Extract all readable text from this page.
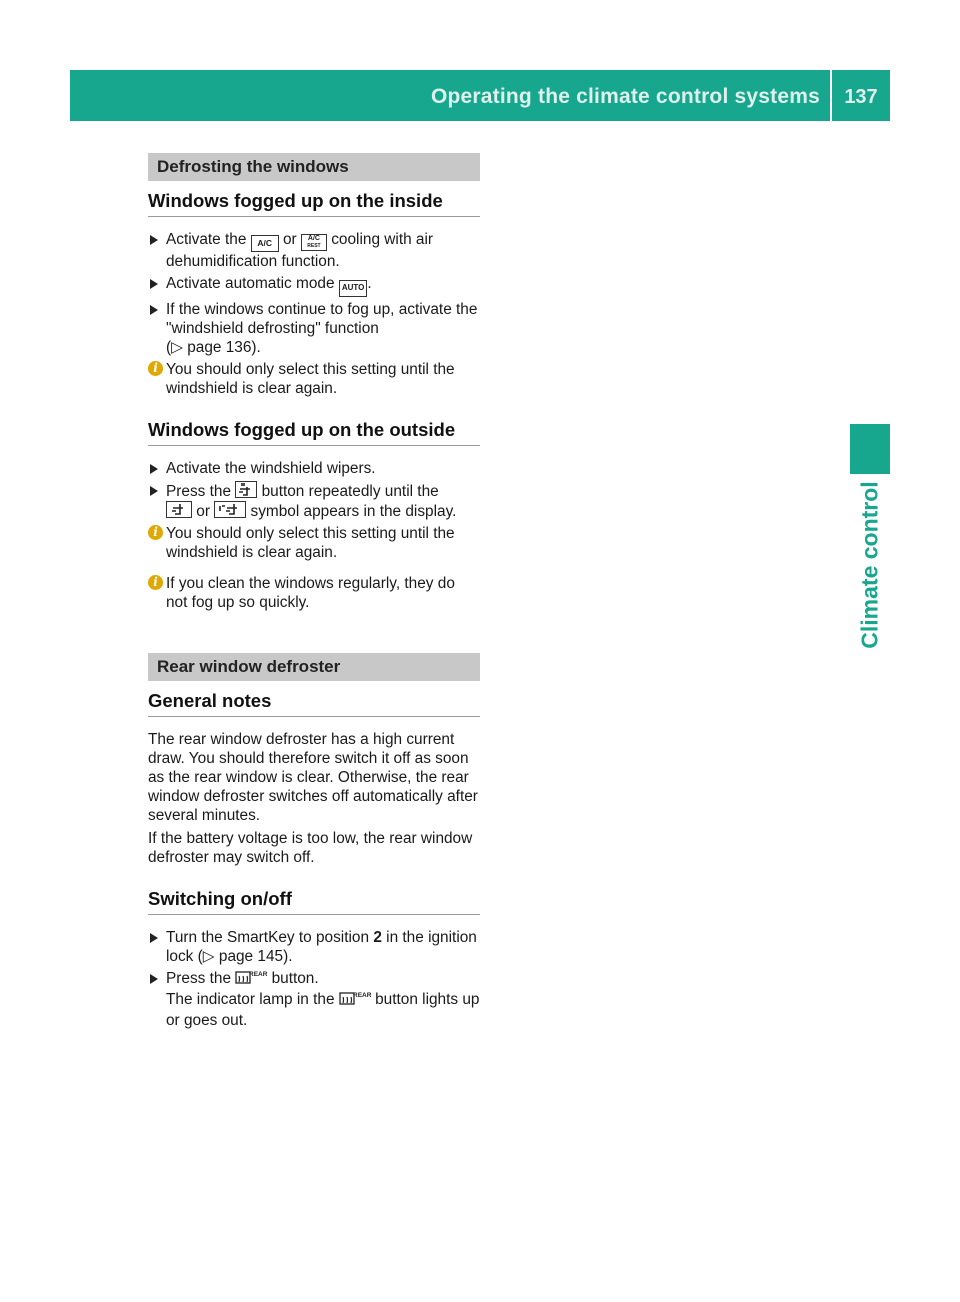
Operating the climate control systems	137
Climate control
Defrosting the windows
Windows fogged up on the inside
Activate the A/C or A/C
REST cooling with air dehumidification function.
Activate automatic mode AUTO .
If the windows continue to fog up, activate the "windshield defrosting" function
(▷ page 136).
i You should only select this setting until the windshield is clear again.
Windows fogged up on the outside
Activate the windshield wipers.
Press the button repeatedly until the

or	symbol appears in the display.
i You should only select this setting until the windshield is clear again.
i If you clean the windows regularly, they do not fog up so quickly.
Rear window defroster
General notes

The rear window defroster has a high current draw. You should therefore switch it off as soon as the rear window is clear. Otherwise, the rear window defroster switches off automatically after several minutes.

If the battery voltage is too low, the rear window defroster may switch off.

Switching on/off
Turn the SmartKey to position 2 in the ignition lock (▷ page 145).
Press the	REAR button.
The indicator lamp in the	REAR button lights up or goes out.
